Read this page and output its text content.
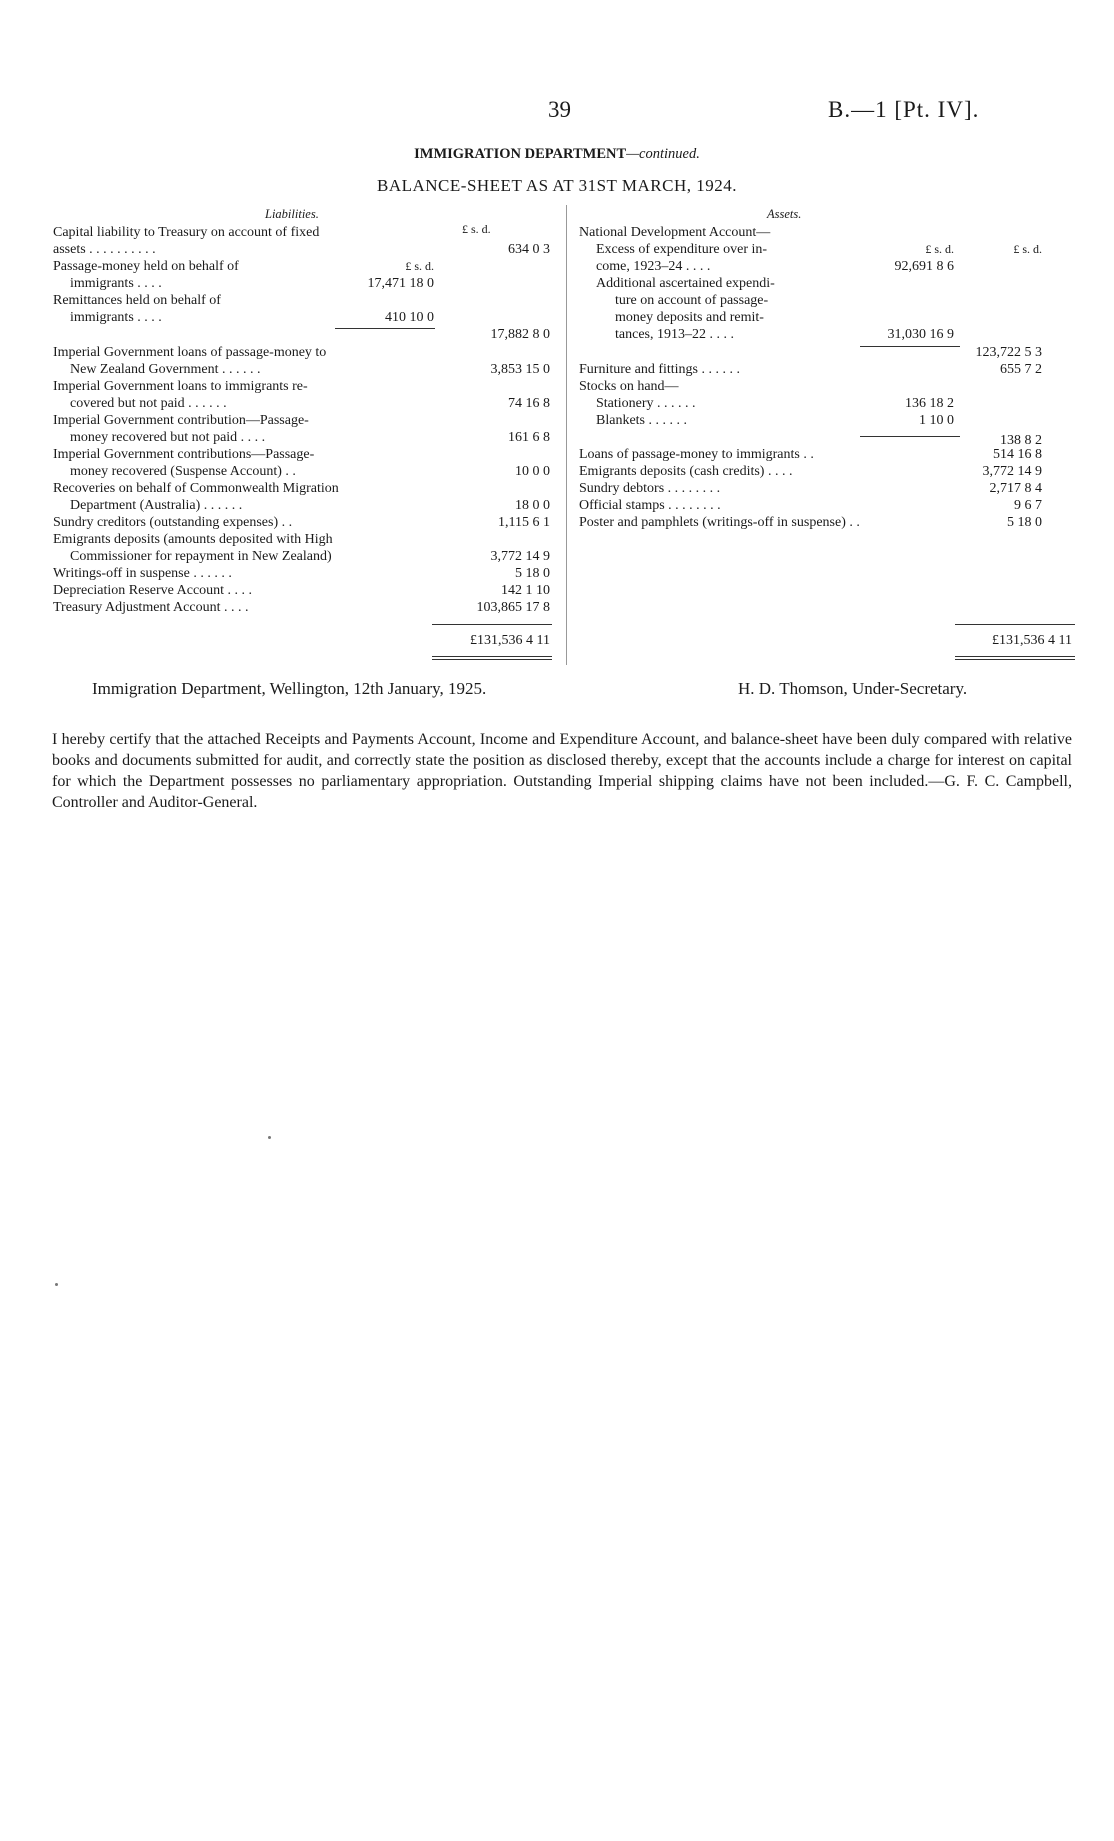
39	B.—1 [Pt. IV].
IMMIGRATION DEPARTMENT—continued.
BALANCE-SHEET AS AT 31ST MARCH, 1924.
Liabilities.
£ s. d.
Capital liability to Treasury on account of fixed
assets . . . . . . . . . .	634 0 3
Passage-money held on behalf of	£ s. d.
immigrants . . . .	17,471 18 0
Remittances held on behalf of
immigrants . . . .	410 10 0
17,882 8 0
Imperial Government loans of passage-money to
New Zealand Government . . . . . .	3,853 15 0
Imperial Government loans to immigrants re-
covered but not paid . . . . . .	74 16 8
Imperial Government contribution—Passage-
money recovered but not paid . . . .	161 6 8
Imperial Government contributions—Passage-
money recovered (Suspense Account) . .	10 0 0
Recoveries on behalf of Commonwealth Migration
Department (Australia) . . . . . .	18 0 0
Sundry creditors (outstanding expenses) . .	1,115 6 1
Emigrants deposits (amounts deposited with High
Commissioner for repayment in New Zealand)	3,772 14 9
Writings-off in suspense . . . . . .	5 18 0
Depreciation Reserve Account . . . .	142 1 10
Treasury Adjustment Account . . . .	103,865 17 8
£131,536 4 11
Assets.
National Development Account—
Excess of expenditure over in-	£ s. d.	£ s. d.
come, 1923–24 . . . .	92,691 8 6
Additional ascertained expendi-
ture on account of passage-
money deposits and remit-
tances, 1913–22 . . . .	31,030 16 9
123,722 5 3
Furniture and fittings . . . . . .	655 7 2
Stocks on hand—
Stationery . . . . . .	136 18 2
Blankets . . . . . .	1 10 0
138 8 2
Loans of passage-money to immigrants . .	514 16 8
Emigrants deposits (cash credits) . . . .	3,772 14 9
Sundry debtors . . . . . . . .	2,717 8 4
Official stamps . . . . . . . .	9 6 7
Poster and pamphlets (writings-off in suspense) . .	5 18 0
£131,536 4 11
Immigration Department, Wellington, 12th January, 1925.	H. D. Thomson, Under-Secretary.
I hereby certify that the attached Receipts and Payments Account, Income and Expenditure Account, and balance-sheet have been duly compared with relative books and documents submitted for audit, and correctly state the position as disclosed thereby, except that the accounts include a charge for interest on capital for which the Department possesses no parliamentary appropriation. Outstanding Imperial shipping claims have not been included.—G. F. C. Campbell, Controller and Auditor-General.
